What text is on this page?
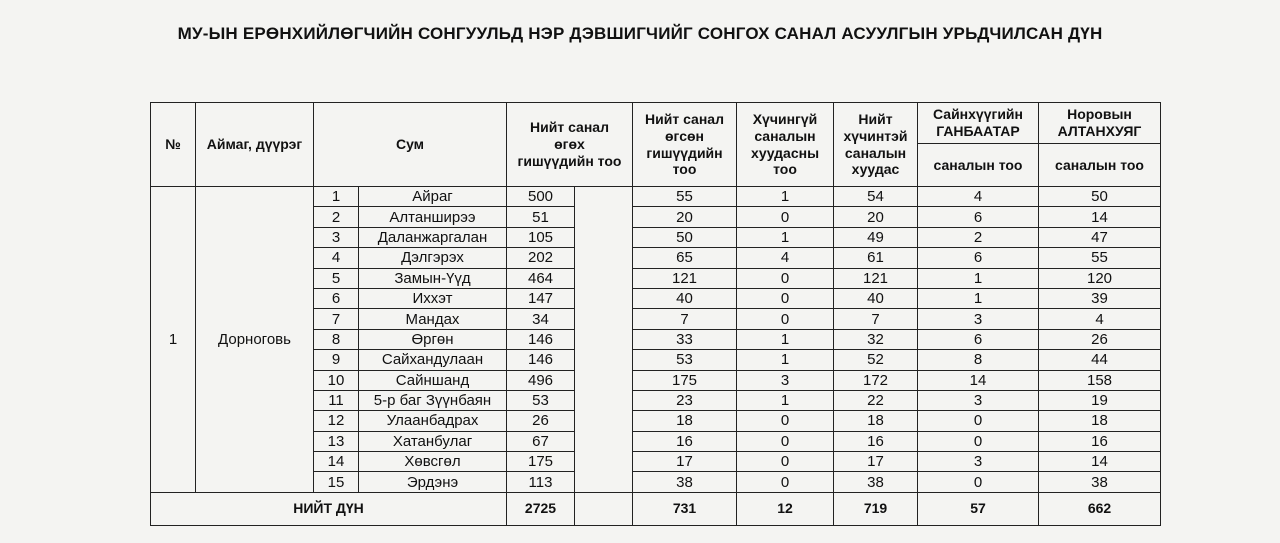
МУ-ЫН ЕРӨНХИЙЛӨГЧИЙН СОНГУУЛЬД НЭР ДЭВШИГЧИЙГ СОНГОХ САНАЛ АСУУЛГЫН УРЬДЧИЛСАН ДҮН
№	Аймаг, дүүрэг	Сум		Нийт санал өгөх гишүүдийн тоо		Нийт санал өгсөн гишүүдийн тоо	Хүчингүй саналын хуудасны тоо	Нийт хүчинтэй саналын хуудас	Сайнхүүгийн ГАНБААТАР	Норовын АЛТАНХУЯГ
									саналын тоо	саналын тоо
1	Дорноговь	1	Айраг	500		55	1	54	4	50
		2	Алтанширээ	51		20	0	20	6	14
		3	Даланжаргалан	105		50	1	49	2	47
		4	Дэлгэрэх	202		65	4	61	6	55
		5	Замын-Үүд	464		121	0	121	1	120
		6	Иххэт	147		40	0	40	1	39
		7	Мандах	34		7	0	7	3	4
		8	Өргөн	146		33	1	32	6	26
		9	Сайхандулаан	146		53	1	52	8	44
		10	Сайншанд	496		175	3	172	14	158
		11	5-р баг Зүүнбаян	53		23	1	22	3	19
		12	Улаанбадрах	26		18	0	18	0	18
		13	Хатанбулаг	67		16	0	16	0	16
		14	Хөвсгөл	175		17	0	17	3	14
		15	Эрдэнэ	113		38	0	38	0	38
НИЙТ ДҮН				2725		731	12	719	57	662
